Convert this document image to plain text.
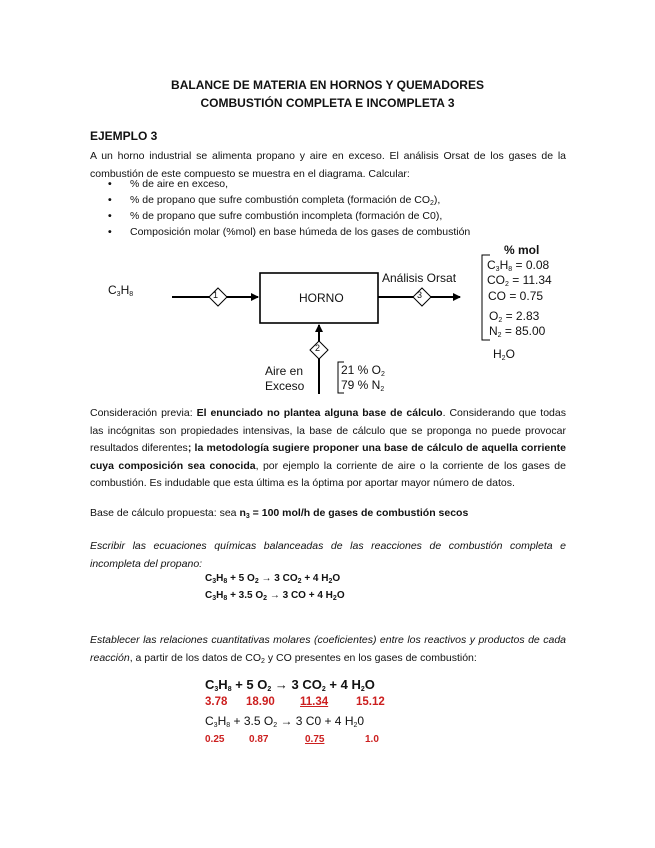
BALANCE DE MATERIA EN HORNOS Y QUEMADORES
COMBUSTIÓN COMPLETA E INCOMPLETA 3
EJEMPLO 3
A un horno industrial se alimenta propano y aire en exceso. El análisis Orsat de los gases de la combustión de este compuesto se muestra en el diagrama. Calcular:
• % de aire en exceso,
• % de propano que sufre combustión completa (formación de $CO_2$),
• % de propano que sufre combustión incompleta (formación de C0),
• Composición molar (%mol) en base húmeda de los gases de combustión
1	3
2
$C_3H_8$	HORNO
Análisis Orsat
% mol
$C_3H_8 = 0.08$
$CO_2 = 11.34$
CO = 0.75
$O_2 = 2.83$
$N_2 = 85.00$
$H_2O$
Aire en
Exceso
21 % $O_2$
79 % $N_2$
Consideración previa: El enunciado no plantea alguna base de cálculo. Considerando que todas las incógnitas son propiedades intensivas, la base de cálculo que se proponga no puede provocar resultados diferentes; la metodología sugiere proponer una base de cálculo de aquella corriente cuya composición sea conocida, por ejemplo la corriente de aire o la corriente de los gases de combustión. Es indudable que esta última es la óptima por aportar mayor número de datos.
Base de cálculo propuesta: sea $n_3 = 100$ mol/h de gases de combustión secos
Escribir las ecuaciones químicas balanceadas de las reacciones de combustión completa e incompleta del propano:
$C_3H_8 + 5$ $O_2 \to 3$ $CO_2 + 4$ $H_2O$
$C_3H_8 + 3.5$ $O_2 \to 3$ CO + 4 $H_2O$
Establecer las relaciones cuantitativas molares (coeficientes) entre los reactivos y productos de cada reacción, a partir de los datos de $CO_2$ y CO presentes en los gases de combustión:
$C_3H_8 + 5$ $O_2 \to 3$ $CO_2 + 4$ $H_2O$
3.78 18.90 11.34 15.12
$C_3H_8 + 3.5$ $O_2 \to 3$ C0 + 4 $H_20$
0.25 0.87	0.75	1.0
